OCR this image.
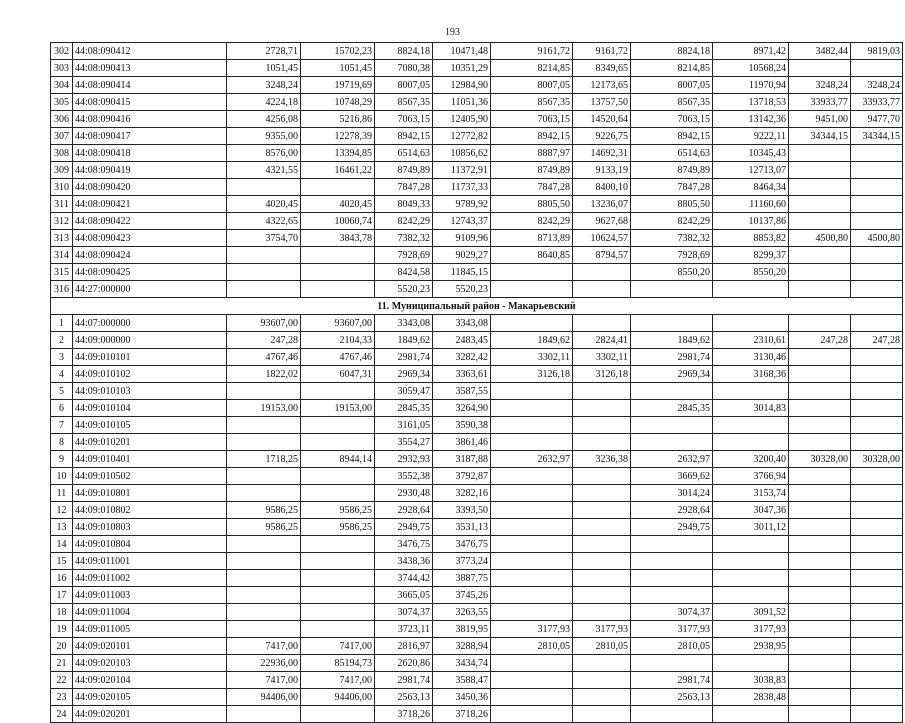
193
302	44:08:090412	2728,71	15702,23	8824,18	10471,48	9161,72	9161,72	8824,18	8971,42	3482,44	9819,03
303	44:08:090413	1051,45	1051,45	7080,38	10351,29	8214,85	8349,65	8214,85	10568,24		
304	44:08:090414	3248,24	19719,69	8007,05	12984,90	8007,05	12173,65	8007,05	11970,94	3248,24	3248,24
305	44:08:090415	4224,18	10748,29	8567,35	11051,36	8567,35	13757,50	8567,35	13718,53	33933,77	33933,77
306	44:08:090416	4256,08	5216,86	7063,15	12405,90	7063,15	14520,64	7063,15	13142,36	9451,00	9477,70
307	44:08:090417	9355,00	12278,39	8942,15	12772,82	8942,15	9226,75	8942,15	9222,11	34344,15	34344,15
308	44:08:090418	8576,00	13394,85	6514,63	10856,62	8887,97	14692,31	6514,63	10345,43		
309	44:08:090419	4321,55	16461,22	8749,89	11372,91	8749,89	9133,19	8749,89	12713,07		
310	44:08:090420			7847,28	11737,33	7847,28	8400,10	7847,28	8464,34		
311	44:08:090421	4020,45	4020,45	8049,33	9789,92	8805,50	13236,07	8805,50	11160,60		
312	44:08:090422	4322,65	10060,74	8242,29	12743,37	8242,29	9627,68	8242,29	10137,86		
313	44:08:090423	3754,70	3843,78	7382,32	9109,96	8713,89	10624,57	7382,32	8853,82	4500,80	4500,80
314	44:08:090424			7928,69	9029,27	8640,85	8794,57	7928,69	8299,37		
315	44:08:090425			8424,58	11845,15			8550,20	8550,20		
316	44:27:000000			5520,23	5520,23						
11. Муниципальный район - Макарьевский											
1	44:07:000000	93607,00	93607,00	3343,08	3343,08						
2	44:09:000000	247,28	2104,33	1849,62	2483,45	1849,62	2824,41	1849,62	2310,61	247,28	247,28
3	44:09:010101	4767,46	4767,46	2981,74	3282,42	3302,11	3302,11	2981,74	3130,46		
4	44:09:010102	1822,02	6047,31	2969,34	3363,61	3126,18	3126,18	2969,34	3168,36		
5	44:09:010103			3059,47	3587,55						
6	44:09:010104	19153,00	19153,00	2845,35	3264,90			2845,35	3014,83		
7	44:09:010105			3161,05	3590,38						
8	44:09:010201			3554,27	3861,46						
9	44:09:010401	1718,25	8944,14	2932,93	3187,88	2632,97	3236,38	2632,97	3200,40	30328,00	30328,00
10	44:09:010502			3552,38	3792,87			3669,62	3766,94		
11	44:09:010801			2930,48	3282,16			3014,24	3153,74		
12	44:09:010802	9586,25	9586,25	2928,64	3393,50			2928,64	3047,36		
13	44:09:010803	9586,25	9586,25	2949,75	3531,13			2949,75	3011,12		
14	44:09:010804			3476,75	3476,75						
15	44:09:011001			3438,36	3773,24						
16	44:09:011002			3744,42	3887,75						
17	44:09:011003			3665,05	3745,26						
18	44:09:011004			3074,37	3263,55			3074,37	3091,52		
19	44:09:011005			3723,11	3819,95	3177,93	3177,93	3177,93	3177,93		
20	44:09:020101	7417,00	7417,00	2816,97	3288,94	2810,05	2810,05	2810,05	2938,95		
21	44:09:020103	22936,00	85194,73	2620,86	3434,74						
22	44:09:020104	7417,00	7417,00	2981,74	3588,47			2981,74	3038,83		
23	44:09:020105	94406,00	94406,00	2563,13	3450,36			2563,13	2838,48		
24	44:09:020201			3718,26	3718,26						
